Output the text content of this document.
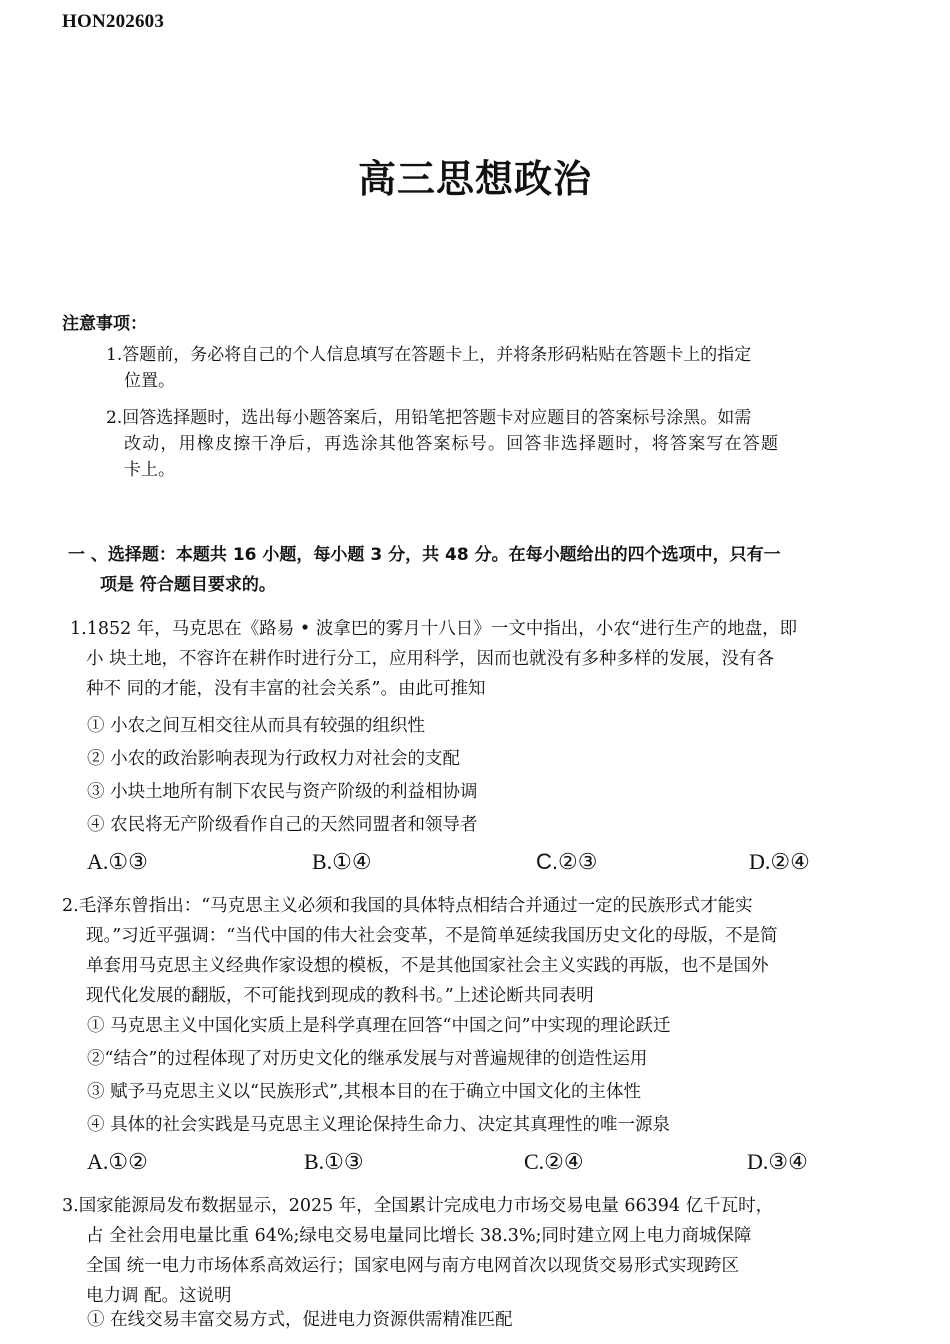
HON202603
高三思想政治
注意事项：
1.答题前，务必将自己的个人信息填写在答题卡上，并将条形码粘贴在答题卡上的指定
位置。
2.回答选择题时，选出每小题答案后，用铅笔把答题卡对应题目的答案标号涂黑。如需
改动，用橡皮擦干净后，再选涂其他答案标号。回答非选择题时，将答案写在答题
卡上。
一 、选择题：本题共 16 小题，每小题 3 分，共 48 分。在每小题给出的四个选项中，只有一
项是 符合题目要求的。
1.1852 年，马克思在《路易 • 波拿巴的雾月十八日》一文中指出，小农“进行生产的地盘，即
小 块土地，不容许在耕作时进行分工，应用科学，因而也就没有多种多样的发展，没有各
种不 同的才能，没有丰富的社会关系”。由此可推知
① 小农之间互相交往从而具有较强的组织性
② 小农的政治影响表现为行政权力对社会的支配
③ 小块土地所有制下农民与资产阶级的利益相协调
④ 农民将无产阶级看作自己的天然同盟者和领导者
A.①③	B.①④	C.②③	D.②④
2.毛泽东曾指出：“马克思主义必须和我国的具体特点相结合并通过一定的民族形式才能实
现。”习近平强调：“当代中国的伟大社会变革，不是简单延续我国历史文化的母版，不是简
单套用马克思主义经典作家设想的模板，不是其他国家社会主义实践的再版，也不是国外
现代化发展的翻版，不可能找到现成的教科书。”上述论断共同表明
① 马克思主义中国化实质上是科学真理在回答“中国之问”中实现的理论跃迁
②“结合”的过程体现了对历史文化的继承发展与对普遍规律的创造性运用
③ 赋予马克思主义以“民族形式”,其根本目的在于确立中国文化的主体性
④ 具体的社会实践是马克思主义理论保持生命力、决定其真理性的唯一源泉
A.①②	B.①③	C.②④	D.③④
3.国家能源局发布数据显示，2025 年，全国累计完成电力市场交易电量 66394 亿千瓦时，
占 全社会用电量比重 64%;绿电交易电量同比增长 38.3%;同时建立网上电力商城保障
全国 统一电力市场体系高效运行；国家电网与南方电网首次以现货交易形式实现跨区
电力调 配。这说明
① 在线交易丰富交易方式，促进电力资源供需精准匹配
